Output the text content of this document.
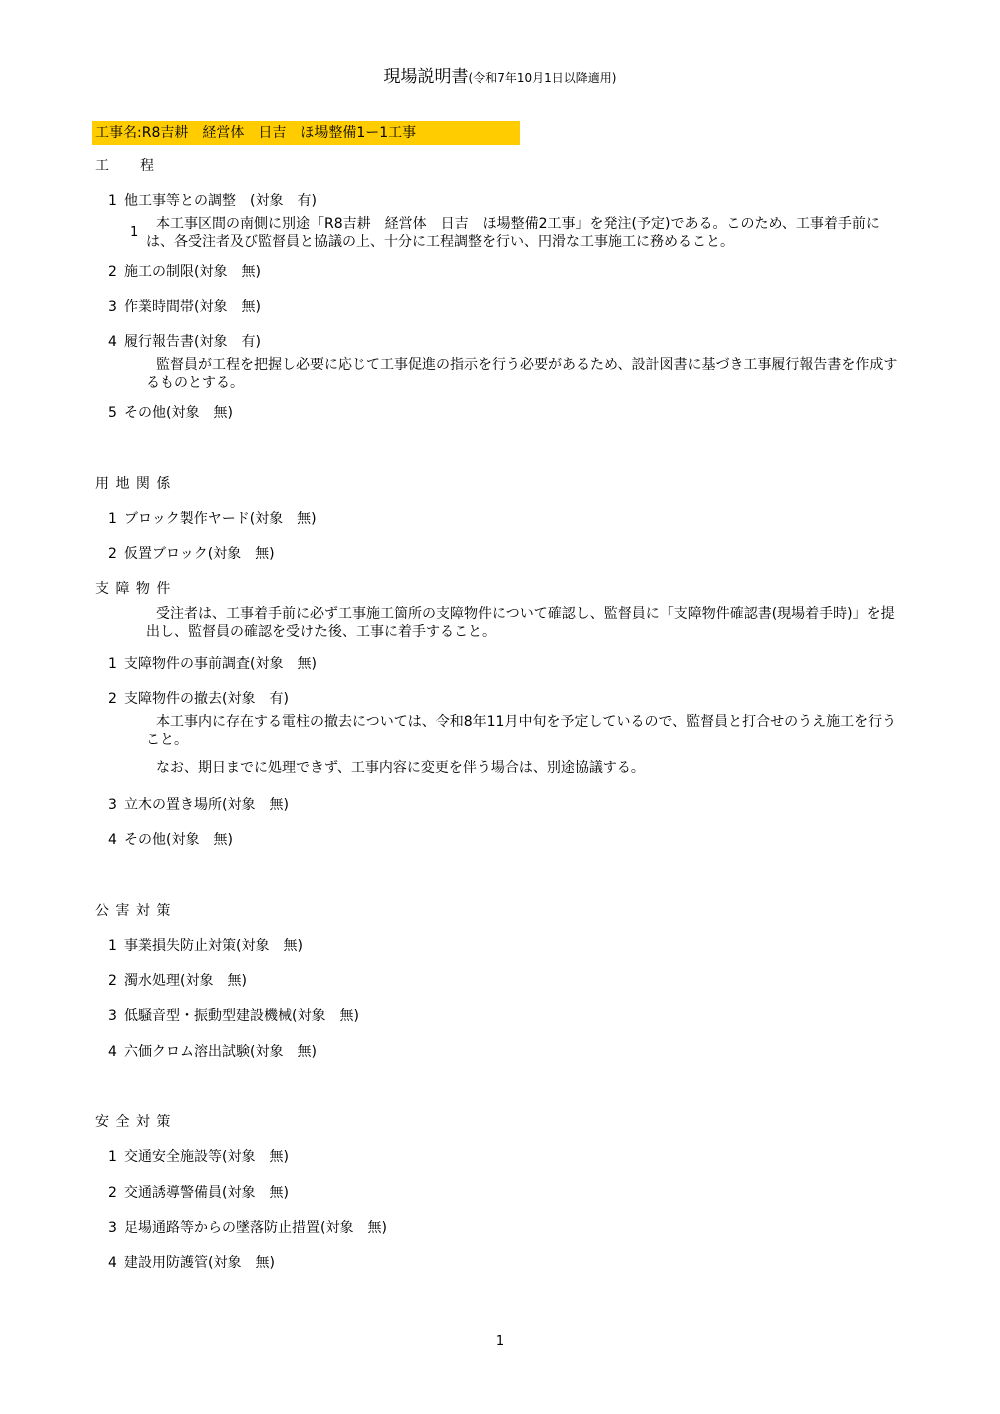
現場説明書(令和7年10月1日以降適用)
工事名:R8吉耕　経営体　日吉　ほ場整備1ー1工事
工　　程
1 他工事等との調整　(対象　有)
1
本工事区間の南側に別途「R8吉耕　経営体　日吉　ほ場整備2工事」を発注(予定)である。このため、工事着手前には、各受注者及び監督員と協議の上、十分に工程調整を行い、円滑な工事施工に務めること。
2 施工の制限(対象　無)
3 作業時間帯(対象　無)
4 履行報告書(対象　有)
監督員が工程を把握し必要に応じて工事促進の指示を行う必要があるため、設計図書に基づき工事履行報告書を作成するものとする。
5 その他(対象　無)
用 地 関 係
1 ブロック製作ヤード(対象　無)
2 仮置ブロック(対象　無)
支 障 物 件
受注者は、工事着手前に必ず工事施工箇所の支障物件について確認し、監督員に「支障物件確認書(現場着手時)」を提出し、監督員の確認を受けた後、工事に着手すること。
1 支障物件の事前調査(対象　無)
2 支障物件の撤去(対象　有)
本工事内に存在する電柱の撤去については、令和8年11月中旬を予定しているので、監督員と打合せのうえ施工を行うこと。
なお、期日までに処理できず、工事内容に変更を伴う場合は、別途協議する。
3 立木の置き場所(対象　無)
4 その他(対象　無)
公 害 対 策
1 事業損失防止対策(対象　無)
2 濁水処理(対象　無)
3 低騒音型・振動型建設機械(対象　無)
4 六価クロム溶出試験(対象　無)
安 全 対 策
1 交通安全施設等(対象　無)
2 交通誘導警備員(対象　無)
3 足場通路等からの墜落防止措置(対象　無)
4 建設用防護管(対象　無)
1
